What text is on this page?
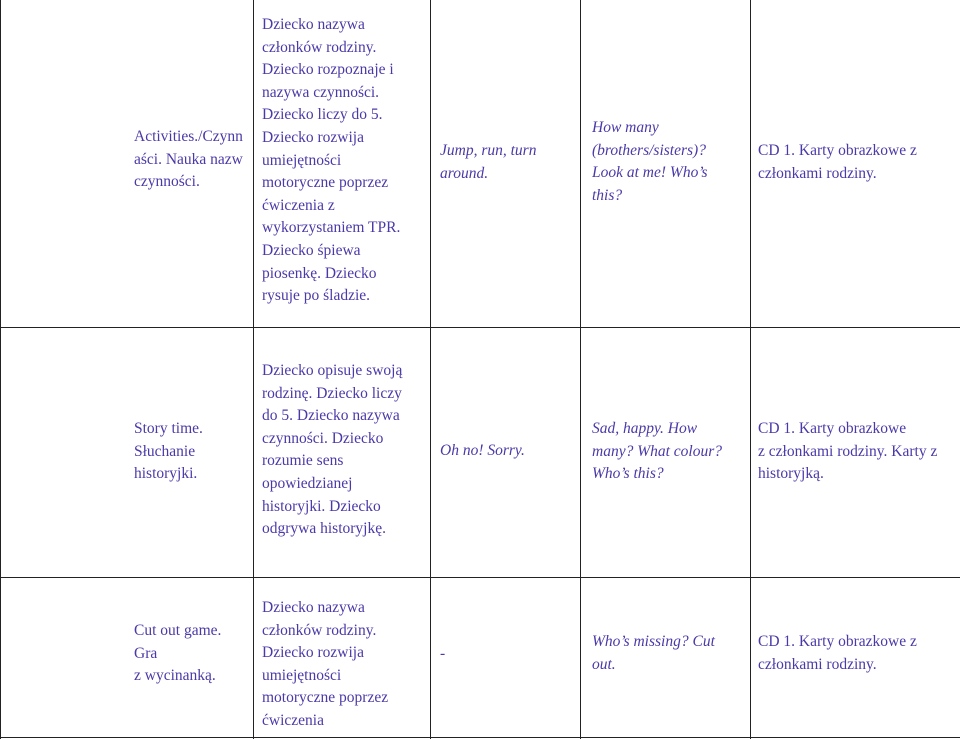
Activities./Czynn
aści. Nauka nazw
czynności.
Dziecko nazywa
członków rodziny.
Dziecko rozpoznaje i
nazywa czynności.
Dziecko liczy do 5.
Dziecko rozwija
umiejętności
motoryczne poprzez
ćwiczenia z
wykorzystaniem TPR.
Dziecko śpiewa
piosenkę. Dziecko
rysuje po śladzie.
Jump, run, turn
around.
How many
(brothers/sisters)?
Look at me! Who’s
this?
CD 1. Karty obrazkowe z
członkami rodziny.
Story time.
Słuchanie
historyjki.
Dziecko opisuje swoją
rodzinę. Dziecko liczy
do 5. Dziecko nazywa
czynności. Dziecko
rozumie sens
opowiedzianej
historyjki. Dziecko
odgrywa historyjkę.
Oh no! Sorry.
Sad, happy. How
many? What colour?
Who’s this?
CD 1. Karty obrazkowe
z członkami rodziny. Karty z
historyjką.
Cut out game.
Gra
z wycinanką.
Dziecko nazywa
członków rodziny.
Dziecko rozwija
umiejętności
motoryczne poprzez
ćwiczenia
-
Who’s missing? Cut
out.
CD 1. Karty obrazkowe z
członkami rodziny.
